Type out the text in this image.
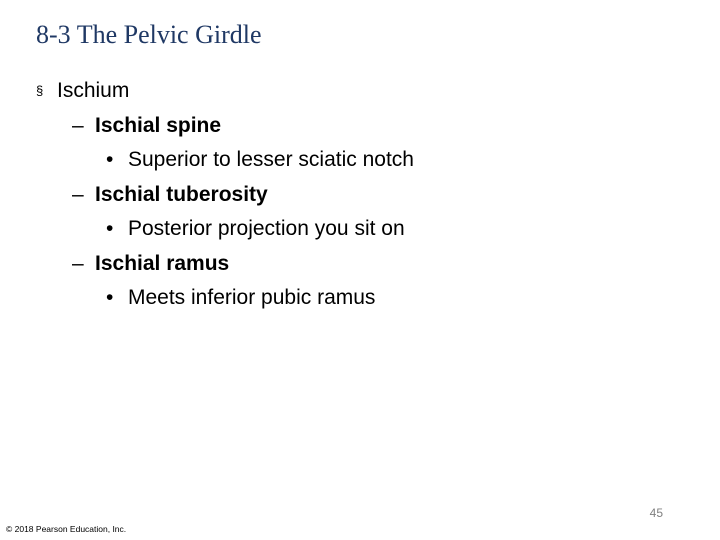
8-3 The Pelvic Girdle
§ Ischium
– Ischial spine
• Superior to lesser sciatic notch
– Ischial tuberosity
• Posterior projection you sit on
– Ischial ramus
• Meets inferior pubic ramus
45
© 2018 Pearson Education, Inc.
